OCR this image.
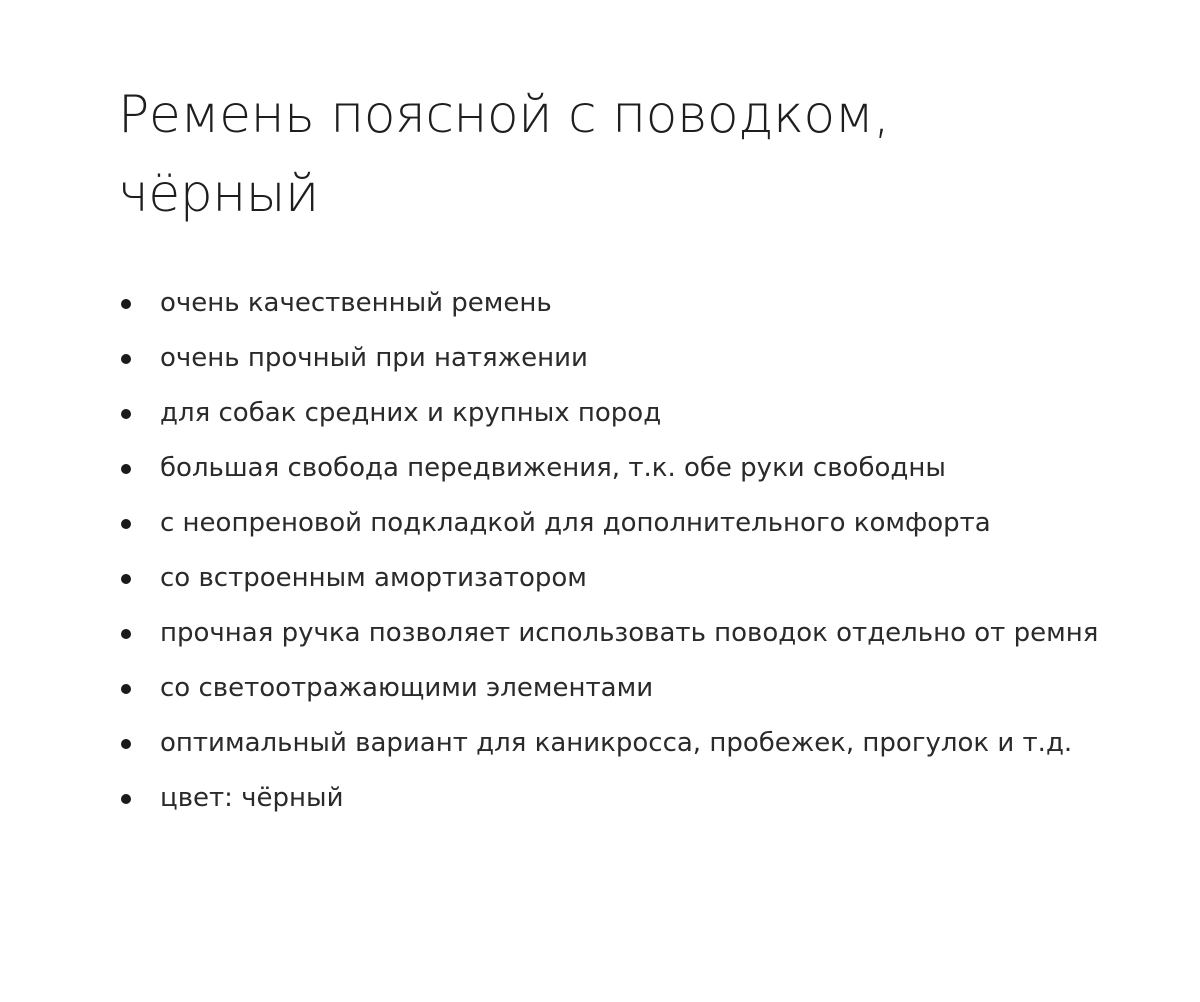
Ремень поясной с поводком, чёрный
очень качественный ремень
очень прочный при натяжении
для собак средних и крупных пород
большая свобода передвижения, т.к. обе руки свободны
с неопреновой подкладкой для дополнительного комфорта
со встроенным амортизатором
прочная ручка позволяет использовать поводок отдельно от ремня
со светоотражающими элементами
оптимальный вариант для каникросса, пробежек, прогулок и т.д.
цвет: чёрный
